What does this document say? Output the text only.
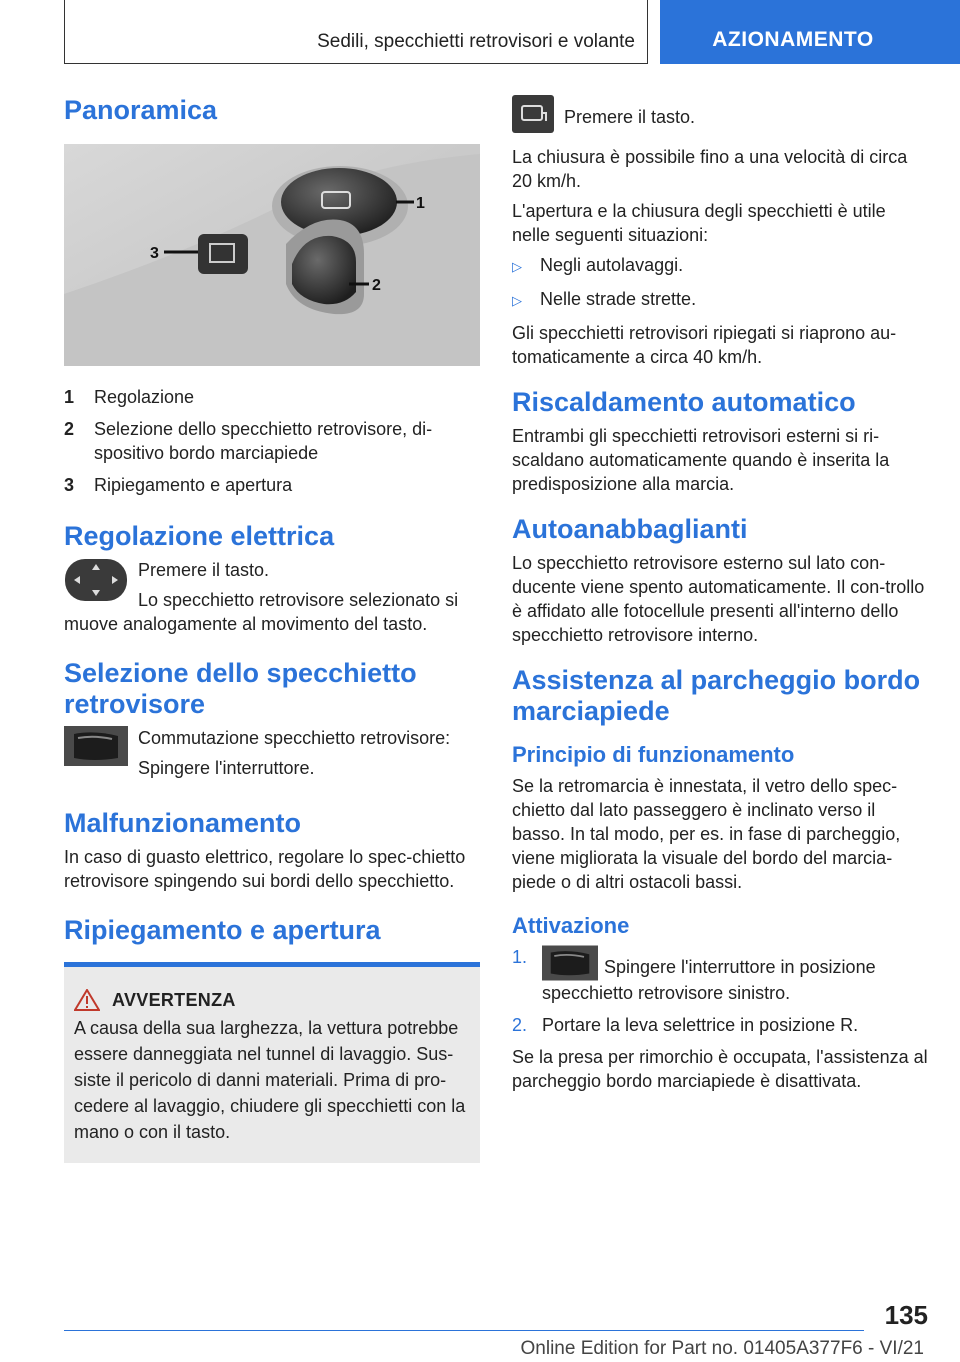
Sedili, specchietti retrovisori e volante	AZIONAMENTO
Panoramica
1
2
3
1	Regolazione
2	Selezione dello specchietto retrovisore, di-spositivo bordo marciapiede
3	Ripiegamento e apertura
Regolazione elettrica

Premere il tasto.

Lo specchietto retrovisore selezionato si muove analogamente al movimento del tasto.

Selezione dello specchietto retrovisore

Commutazione specchietto retrovisore:

Spingere l'interruttore.

Malfunzionamento

In caso di guasto elettrico, regolare lo spec-chietto retrovisore spingendo sui bordi dello specchietto.

Ripiegamento e apertura
AVVERTENZA

A causa della sua larghezza, la vettura potrebbe essere danneggiata nel tunnel di lavaggio. Sus-siste il pericolo di danni materiali. Prima di pro-cedere al lavaggio, chiudere gli specchietti con la mano o con il tasto.

Premere il tasto.

La chiusura è possibile fino a una velocità di circa 20 km/h.

L'apertura e la chiusura degli specchietti è utile nelle seguenti situazioni:

▷	Negli autolavaggi.
▷	Nelle strade strette.

Gli specchietti retrovisori ripiegati si riaprono au-tomaticamente a circa 40 km/h.

Riscaldamento automatico

Entrambi gli specchietti retrovisori esterni si ri-scaldano automaticamente quando è inserita la predisposizione alla marcia.

Autoanabbaglianti

Lo specchietto retrovisore esterno sul lato con-ducente viene spento automaticamente. Il con-trollo è affidato alle fotocellule presenti all'interno dello specchietto retrovisore interno.

Assistenza al parcheggio bordo marciapiede
Principio di funzionamento

Se la retromarcia è innestata, il vetro dello spec-chietto dal lato passeggero è inclinato verso il basso. In tal modo, per es. in fase di parcheggio, viene migliorata la visuale del bordo del marcia-piede o di altri ostacoli bassi.

Attivazione
1.	Spingere l'interruttore in posizione specchietto retrovisore sinistro.
2. Portare la leva selettrice in posizione R.

Se la presa per rimorchio è occupata, l'assistenza al parcheggio bordo marciapiede è disattivata.

135
Online Edition for Part no. 01405A377F6 - VI/21
